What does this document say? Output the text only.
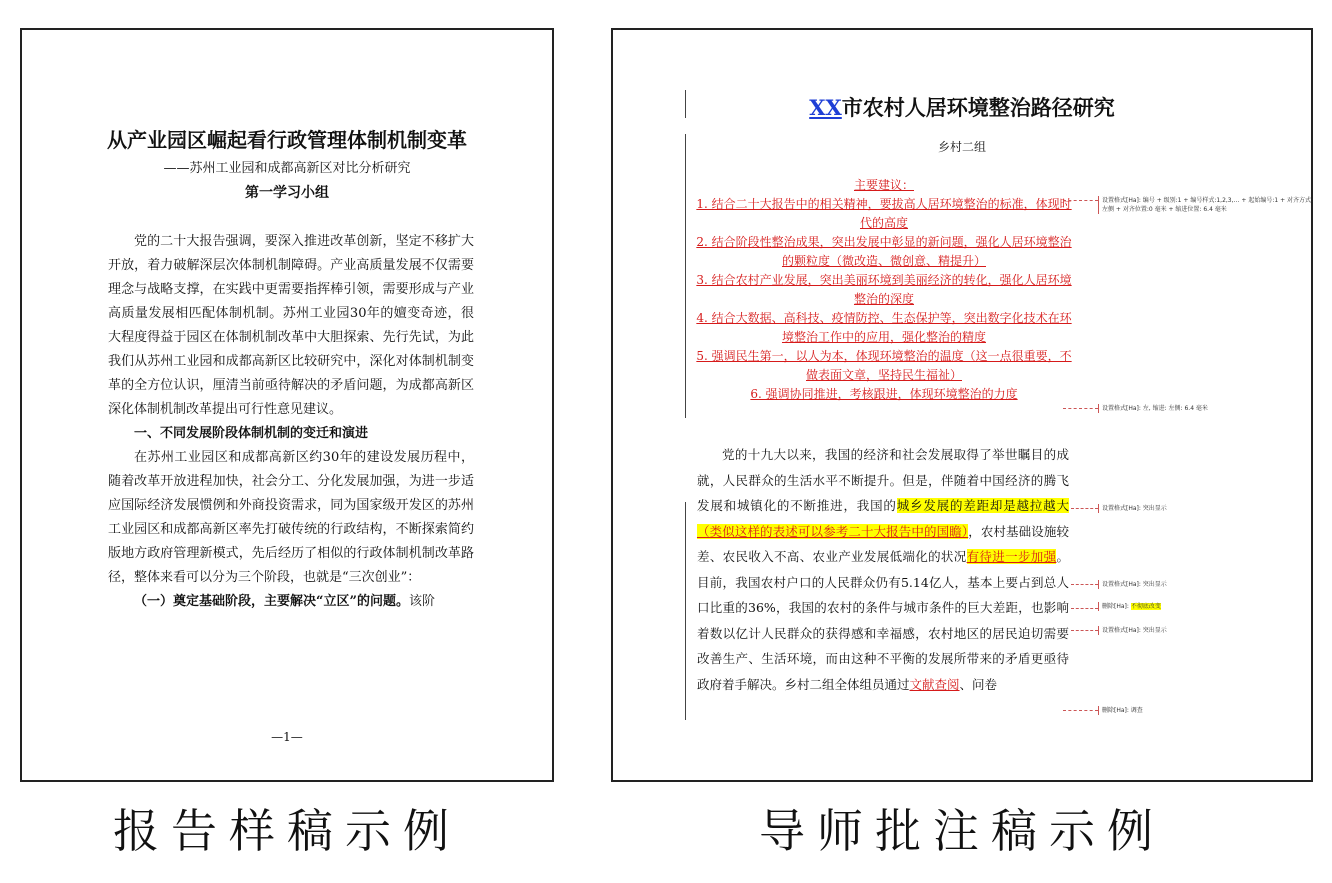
从产业园区崛起看行政管理体制机制变革
——苏州工业园和成都高新区对比分析研究
第一学习小组

党的二十大报告强调，要深入推进改革创新，坚定不移扩大开放，着力破解深层次体制机制障碍。产业高质量发展不仅需要理念与战略支撑，在实践中更需要指挥棒引领，需要形成与产业高质量发展相匹配体制机制。苏州工业园30年的嬗变奇迹，很大程度得益于园区在体制机制改革中大胆探索、先行先试，为此我们从苏州工业园和成都高新区比较研究中，深化对体制机制变革的全方位认识，厘清当前亟待解决的矛盾问题，为成都高新区深化体制机制改革提出可行性意见建议。

一、不同发展阶段体制机制的变迁和演进

在苏州工业园区和成都高新区约30年的建设发展历程中，随着改革开放进程加快，社会分工、分化发展加强，为进一步适应国际经济发展惯例和外商投资需求，同为国家级开发区的苏州工业园区和成都高新区率先打破传统的行政结构，不断探索简约版地方政府管理新模式，先后经历了相似的行政体制机制改革路径，整体来看可以分为三个阶段，也就是“三次创业”：

（一）奠定基础阶段，主要解决“立区”的问题。该阶

—1—
XX市农村人居环境整治路径研究
乡村二组
主要建议：
1. 结合二十大报告中的相关精神，要拔高人居环境整治的标准，体现时代的高度
2. 结合阶段性整治成果，突出发展中彰显的新问题，强化人居环境整治的颗粒度（微改造、微创意、精提升）
3. 结合农村产业发展，突出美丽环境到美丽经济的转化，强化人居环境整治的深度
4. 结合大数据、高科技、疫情防控、生态保护等，突出数字化技术在环境整治工作中的应用，强化整治的精度
5. 强调民生第一，以人为本，体现环境整治的温度（这一点很重要，不做表面文章，坚持民生福祉）
6. 强调协同推进，考核跟进，体现环境整治的力度

党的十九大以来，我国的经济和社会发展取得了举世瞩目的成就，人民群众的生活水平不断提升。但是，伴随着中国经济的腾飞发展和城镇化的不断推进，我国的城乡发展的差距却是越拉越大（类似这样的表述可以参考二十大报告中的国瞻），农村基础设施较差、农民收入不高、农业产业发展低端化的状况有待进一步加强。目前，我国农村户口的人民群众仍有5.14亿人，基本上要占到总人口比重的36%，我国的农村的条件与城市条件的巨大差距，也影响着数以亿计人民群众的获得感和幸福感，农村地区的居民迫切需要改善生产、生活环境，而由这种不平衡的发展所带来的矛盾更亟待政府着手解决。乡村二组全体组员通过文献查阅、问卷

设置格式[Ha]: 编号 + 级别:1 + 编号样式:1,2,3,… + 起始编号:1 + 对齐方式: 左侧 + 对齐位置:0 毫米 + 缩进位置: 6.4 毫米
设置格式[Ha]: 左, 缩进: 左侧: 6.4 毫米
设置格式[Ha]: 突出显示
设置格式[Ha]: 突出显示
删除[Ha]: 不彻底改变
设置格式[Ha]: 突出显示
删除[Ha]: 调查
报告样稿示例	导师批注稿示例
